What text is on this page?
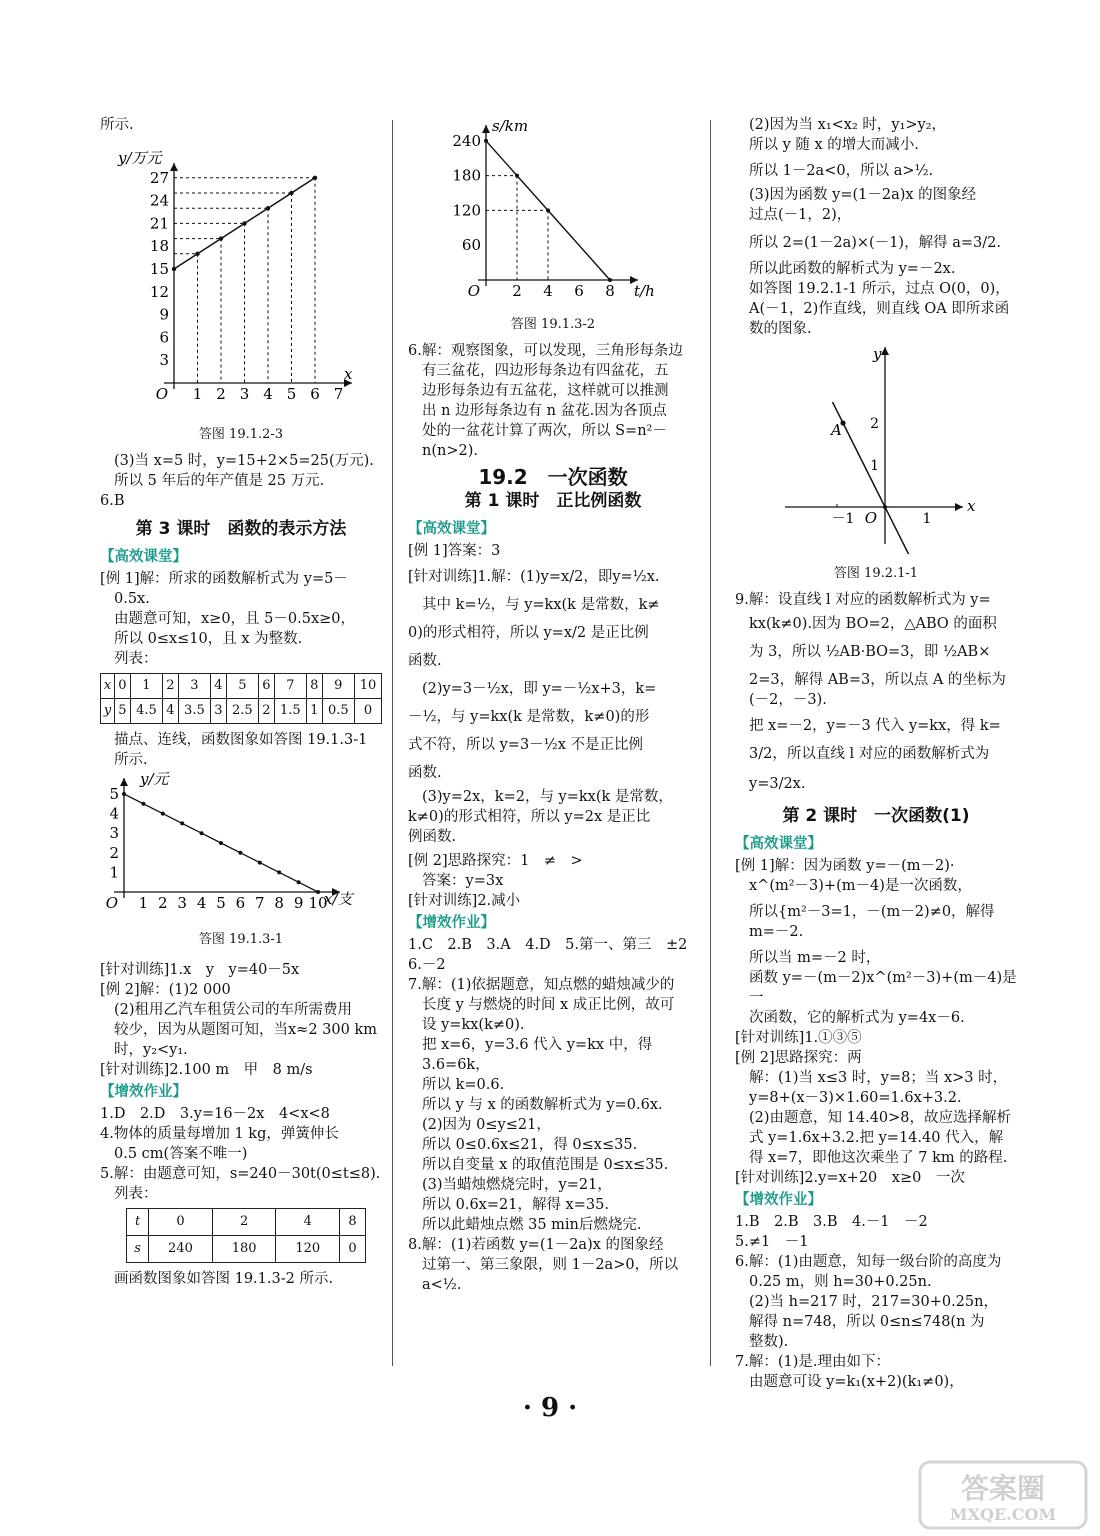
所示.

y/万元
x
O 1 2 3 4 5 6 7
3
6
9
12
15
18
21
24
27
答图 19.1.2-3

(3)当 x=5 时，y=15+2×5=25(万元).

所以 5 年后的年产值是 25 万元.

6.B

第 3 课时　函数的表示方法
【高效课堂】

[例 1]解：所求的函数解析式为 y=5－

0.5x.

由题意可知，x≥0，且 5－0.5x≥0，

所以 0≤x≤10，且 x 为整数.

列表：

x	0	1	2	3	4	5	6	7	8	9	10
y	5	4.5	4	3.5	3	2.5	2	1.5	1	0.5	0

描点、连线，函数图象如答图 19.1.3-1

所示.

y/元
x/支
O 1 2 3 4 5 6 7 8 9 10
1
2
3
4
5
答图 19.1.3-1

[针对训练]1.x　y　y=40－5x

[例 2]解：(1)2 000

(2)租用乙汽车租赁公司的车所需费用

较少，因为从题图可知，当x≈2 300 km

时，y₂<y₁.

[针对训练]2.100 m　甲　8 m/s

【增效作业】

1.D　2.D　3.y=16－2x　4<x<8

4.物体的质量每增加 1 kg，弹簧伸长

0.5 cm(答案不唯一)

5.解：由题意可知，s=240－30t(0≤t≤8).

列表：

t	0	2	4	8
s	240	180	120	0

画函数图象如答图 19.1.3-2 所示.

s/km
t/h
O 2 4 6 8
60
120
180
240
答图 19.1.3-2

6.解：观察图象，可以发现，三角形每条边

有三盆花，四边形每条边有四盆花，五

边形每条边有五盆花，这样就可以推测

出 n 边形每条边有 n 盆花.因为各顶点

处的一盆花计算了两次，所以 S=n²－

n(n>2).

19.2　一次函数
第 1 课时　正比例函数
【高效课堂】

[例 1]答案：3

[针对训练]1.解：(1)y=x/2，即y=½x.

其中 k=½，与 y=kx(k 是常数，k≠

0)的形式相符，所以 y=x/2 是正比例

函数.

(2)y=3－½x，即 y=－½x+3，k=

－½，与 y=kx(k 是常数，k≠0)的形

式不符，所以 y=3－½x 不是正比例

函数.

(3)y=2x，k=2，与 y=kx(k 是常数，

k≠0)的形式相符，所以 y=2x 是正比

例函数.

[例 2]思路探究：1　≠　>

答案：y=3x

[针对训练]2.减小

【增效作业】

1.C　2.B　3.A　4.D　5.第一、第三　±2

6.－2

7.解：(1)依据题意，知点燃的蜡烛减少的

长度 y 与燃烧的时间 x 成正比例，故可

设 y=kx(k≠0).

把 x=6，y=3.6 代入 y=kx 中，得

3.6=6k，

所以 k=0.6.

所以 y 与 x 的函数解析式为 y=0.6x.

(2)因为 0≤y≤21，

所以 0≤0.6x≤21，得 0≤x≤35.

所以自变量 x 的取值范围是 0≤x≤35.

(3)当蜡烛燃烧完时，y=21，

所以 0.6x=21，解得 x=35.

所以此蜡烛点燃 35 min后燃烧完.

8.解：(1)若函数 y=(1－2a)x 的图象经

过第一、第三象限，则 1－2a>0，所以

a<½.

(2)因为当 x₁<x₂ 时，y₁>y₂，

所以 y 随 x 的增大而减小.

所以 1－2a<0，所以 a>½.

(3)因为函数 y=(1－2a)x 的图象经

过点(－1，2)，

所以 2=(1－2a)×(－1)，解得 a=3/2.

所以此函数的解析式为 y=－2x.

如答图 19.2.1-1 所示，过点 O(0，0)，

A(－1，2)作直线，则直线 OA 即所求函

数的图象.

y
x
O
－1	1
1
2
A
答图 19.2.1-1

9.解：设直线 l 对应的函数解析式为 y=

kx(k≠0).因为 BO=2，△ABO 的面积

为 3，所以 ½AB·BO=3，即 ½AB×

2=3，解得 AB=3，所以点 A 的坐标为

(－2，－3).

把 x=－2，y=－3 代入 y=kx，得 k=

3/2，所以直线 l 对应的函数解析式为

y=3/2x.

第 2 课时　一次函数(1)
【高效课堂】

[例 1]解：因为函数 y=－(m－2)·

x^(m²－3)+(m－4)是一次函数，

所以{m²－3=1，－(m－2)≠0，解得 m=－2.

所以当 m=－2 时，

函数 y=－(m－2)x^(m²－3)+(m－4)是一

次函数，它的解析式为 y=4x－6.

[针对训练]1.①③⑤

[例 2]思路探究：两

解：(1)当 x≤3 时，y=8；当 x>3 时，

y=8+(x－3)×1.60=1.6x+3.2.

(2)由题意，知 14.40>8，故应选择解析

式 y=1.6x+3.2.把 y=14.40 代入，解

得 x=7，即他这次乘坐了 7 km 的路程.

[针对训练]2.y=x+20　x≥0　一次

【增效作业】

1.B　2.B　3.B　4.－1　－2

5.≠1　－1

6.解：(1)由题意，知每一级台阶的高度为

0.25 m，则 h=30+0.25n.

(2)当 h=217 时，217=30+0.25n，

解得 n=748，所以 0≤n≤748(n 为

整数).

7.解：(1)是.理由如下：

由题意可设 y=k₁(x+2)(k₁≠0)，

· 9 ·
答案圈
MXQE.COM
